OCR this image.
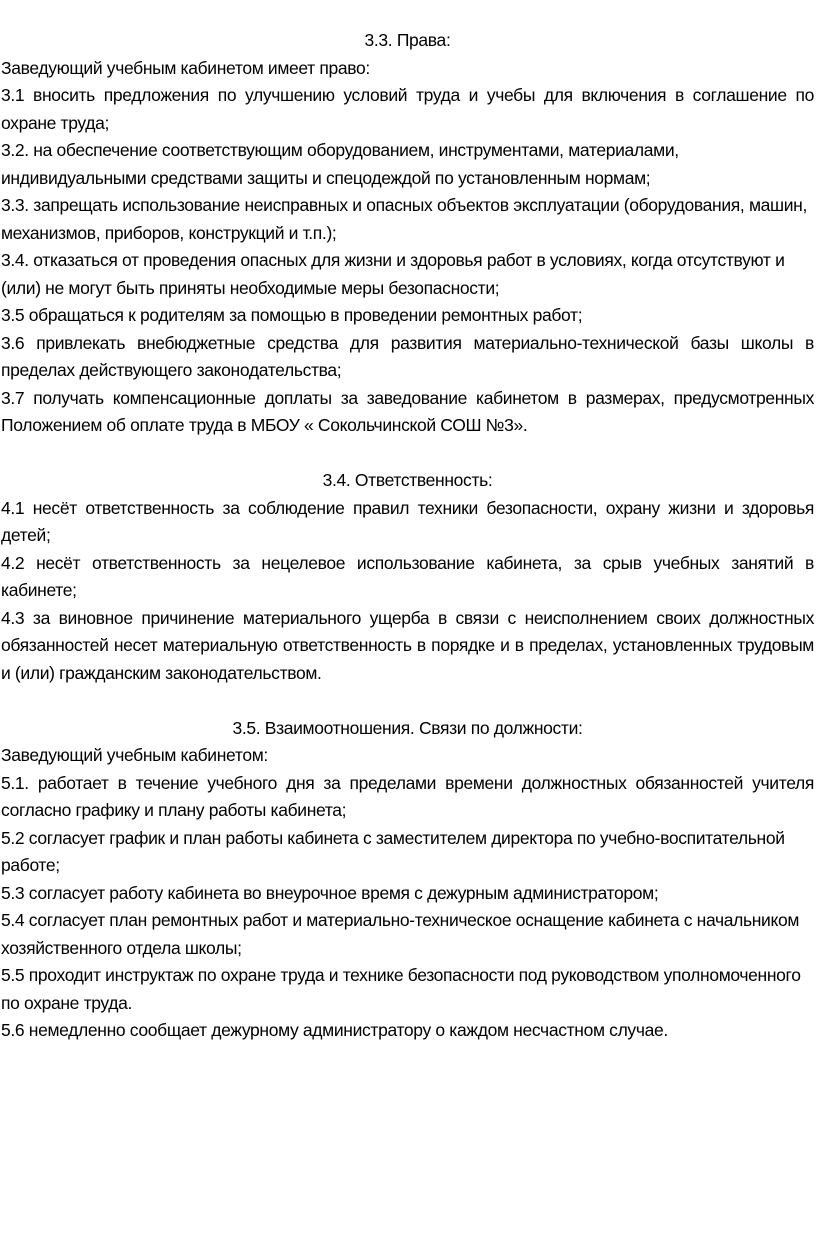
3.3. Права:
Заведующий учебным кабинетом имеет право:
3.1 вносить предложения по улучшению условий труда и учебы для включения в соглашение по охране труда;
3.2. на обеспечение соответствующим оборудованием, инструментами, материалами, индивидуальными средствами защиты и спецодеждой по установленным нормам;
3.3. запрещать использование неисправных и опасных объектов эксплуатации (оборудования, машин, механизмов, приборов, конструкций и т.п.);
3.4. отказаться от проведения опасных для жизни и здоровья работ в условиях, когда отсутствуют и (или) не могут быть приняты необходимые меры безопасности;
3.5 обращаться к родителям за помощью в проведении ремонтных работ;
3.6 привлекать внебюджетные средства для развития материально-технической базы школы в пределах действующего законодательства;
3.7 получать компенсационные доплаты за заведование кабинетом в размерах, предусмотренных Положением об оплате труда в МБОУ « Сокольчинской СОШ №3».
3.4. Ответственность:
4.1 несёт ответственность за соблюдение правил техники безопасности, охрану жизни и здоровья детей;
4.2 несёт ответственность за нецелевое использование кабинета, за срыв учебных занятий в кабинете;
4.3 за виновное причинение материального ущерба в связи с неисполнением своих должностных обязанностей несет материальную ответственность в порядке и в пределах, установленных трудовым и (или) гражданским законодательством.
3.5. Взаимоотношения. Связи по должности:
Заведующий учебным кабинетом:
5.1. работает в течение учебного дня за пределами времени должностных обязанностей учителя согласно графику и плану работы кабинета;
5.2 согласует график и план работы кабинета с заместителем директора по учебно-воспитательной работе;
5.3 согласует работу кабинета во внеурочное время с дежурным администратором;
5.4 согласует план ремонтных работ и материально-техническое оснащение кабинета с начальником хозяйственного отдела школы;
5.5 проходит инструктаж по охране труда и технике безопасности под руководством уполномоченного по охране труда.
5.6 немедленно сообщает дежурному администратору о каждом несчастном случае.
